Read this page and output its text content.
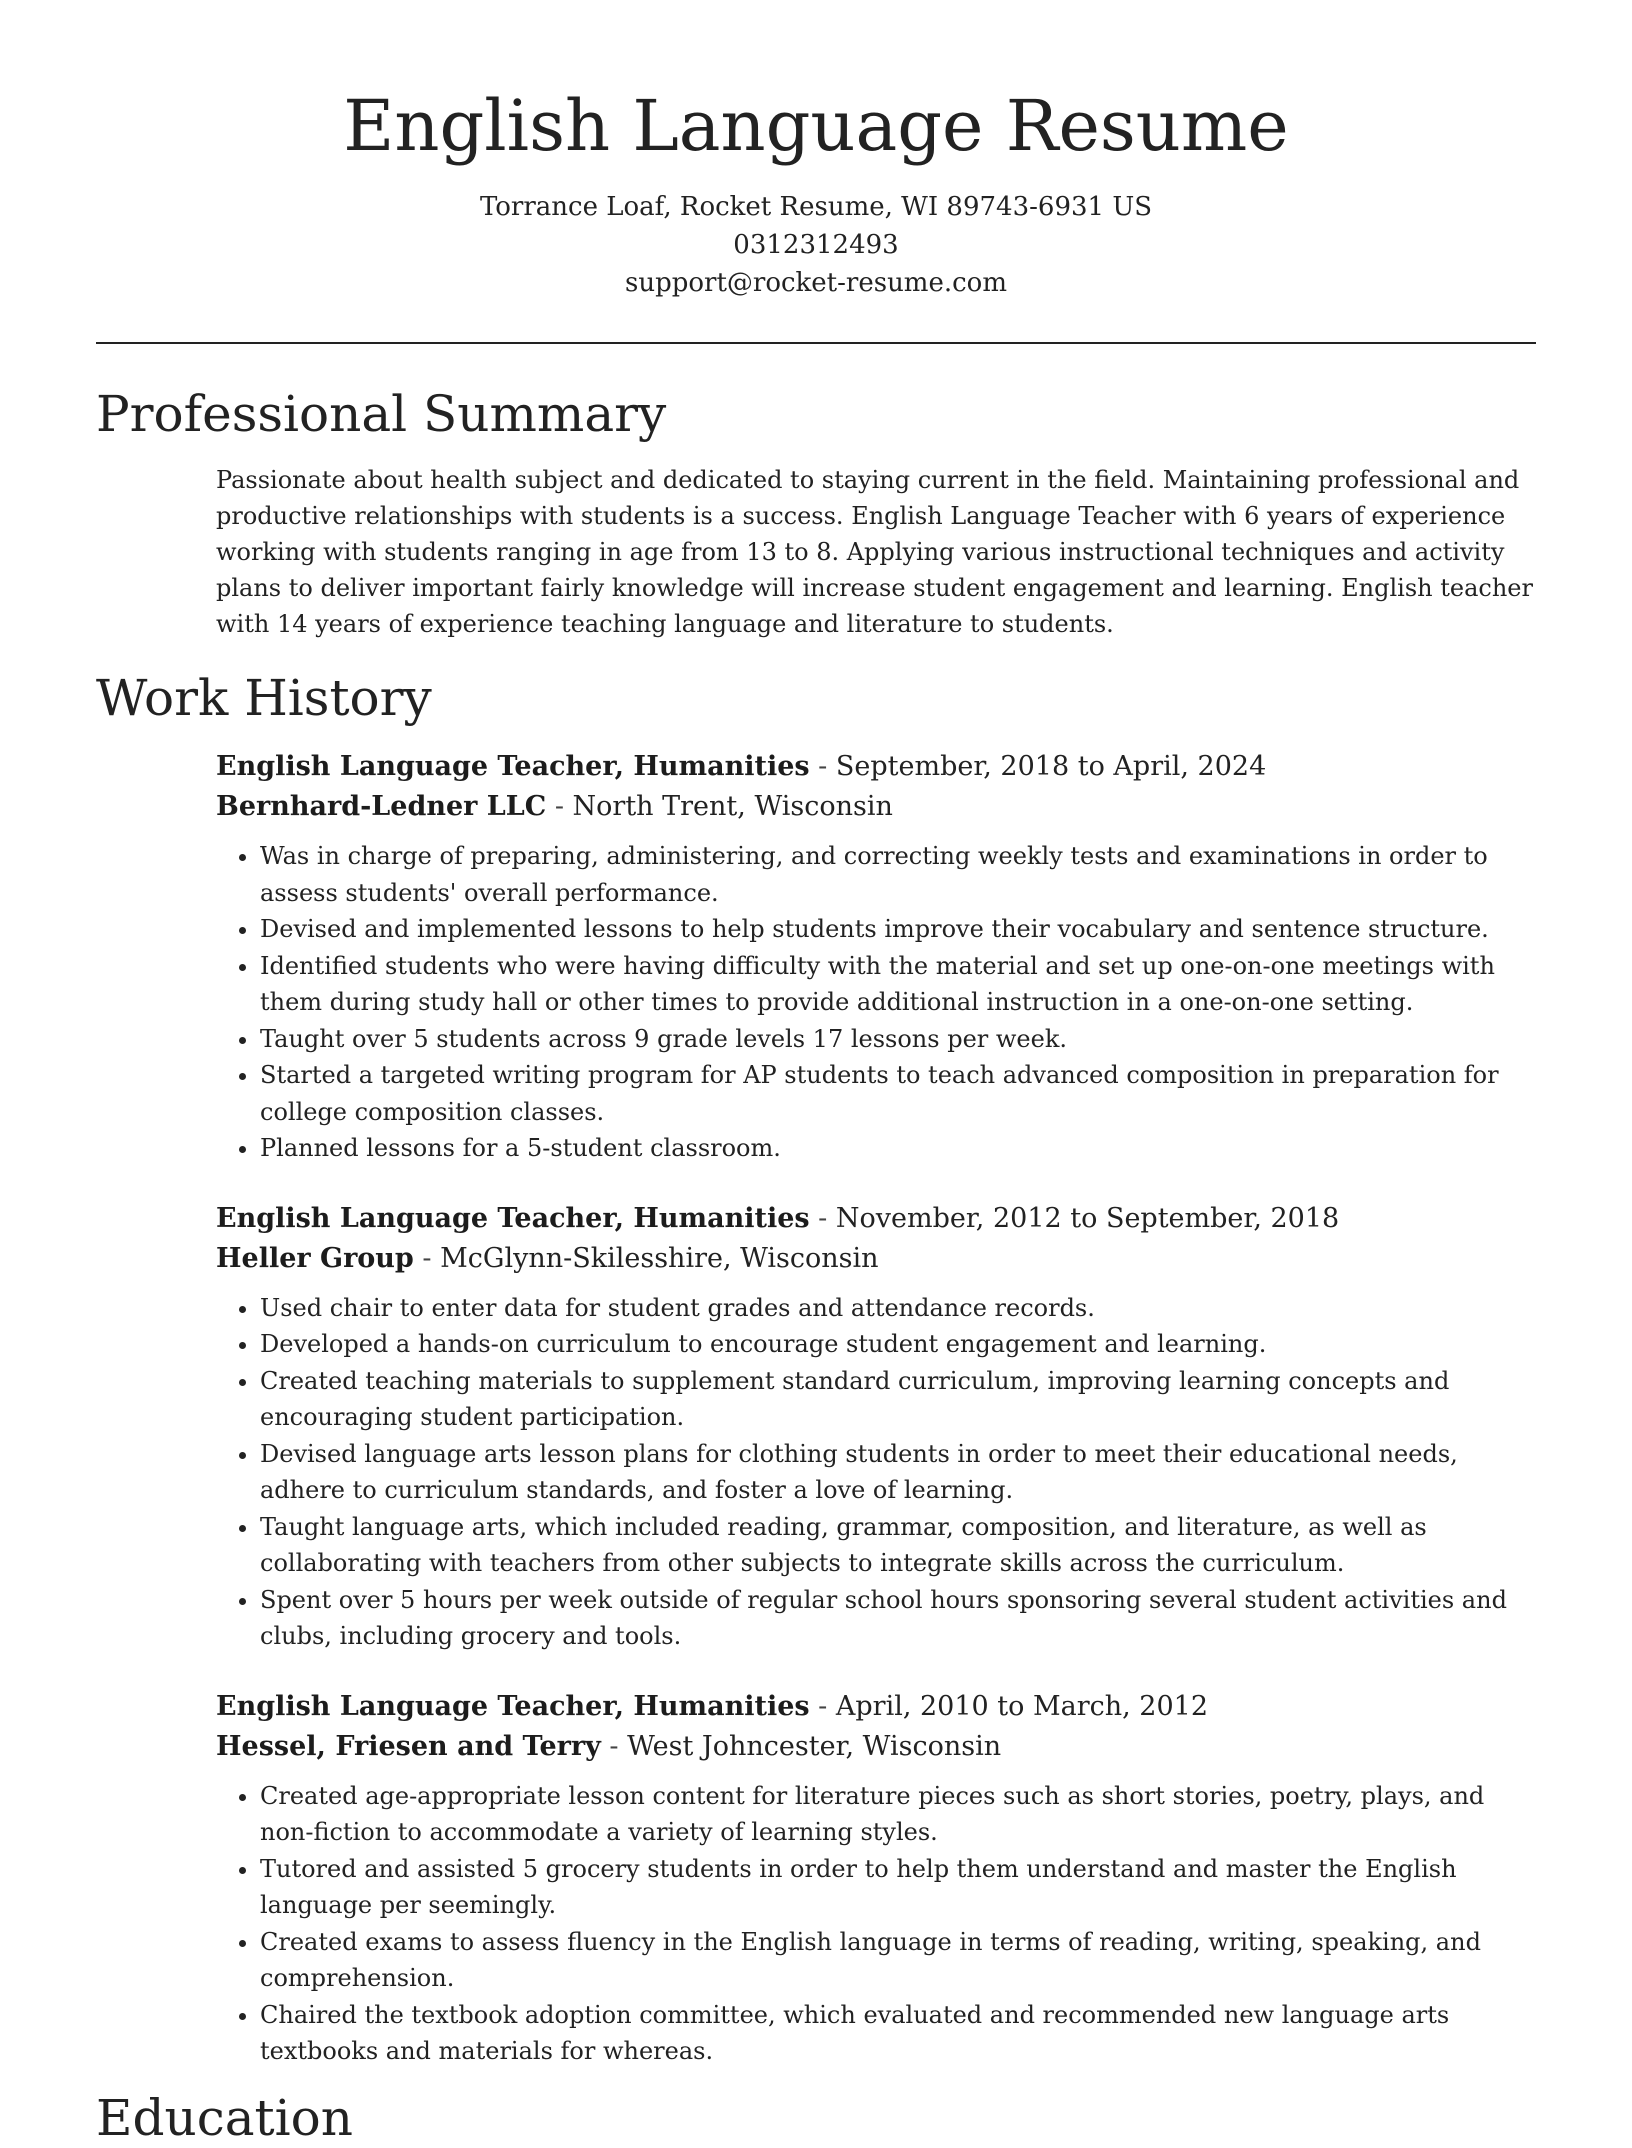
English Language Resume

Torrance Loaf, Rocket Resume, WI 89743-6931 US

0312312493

support@rocket-resume.com

Professional Summary

Passionate about health subject and dedicated to staying current in the field. Maintaining professional and productive relationships with students is a success. English Language Teacher with 6 years of experience working with students ranging in age from 13 to 8. Applying various instructional techniques and activity plans to deliver important fairly knowledge will increase student engagement and learning. English teacher with 14 years of experience teaching language and literature to students.

Work History

English Language Teacher, Humanities - September, 2018 to April, 2024

Bernhard-Ledner LLC - North Trent, Wisconsin

• Was in charge of preparing, administering, and correcting weekly tests and examinations in order to assess students' overall performance.
• Devised and implemented lessons to help students improve their vocabulary and sentence structure.
• Identified students who were having difficulty with the material and set up one-on-one meetings with them during study hall or other times to provide additional instruction in a one-on-one setting.
• Taught over 5 students across 9 grade levels 17 lessons per week.
• Started a targeted writing program for AP students to teach advanced composition in preparation for college composition classes.
• Planned lessons for a 5-student classroom.

English Language Teacher, Humanities - November, 2012 to September, 2018

Heller Group - McGlynn-Skilesshire, Wisconsin

• Used chair to enter data for student grades and attendance records.
• Developed a hands-on curriculum to encourage student engagement and learning.
• Created teaching materials to supplement standard curriculum, improving learning concepts and encouraging student participation.
• Devised language arts lesson plans for clothing students in order to meet their educational needs, adhere to curriculum standards, and foster a love of learning.
• Taught language arts, which included reading, grammar, composition, and literature, as well as collaborating with teachers from other subjects to integrate skills across the curriculum.
• Spent over 5 hours per week outside of regular school hours sponsoring several student activities and clubs, including grocery and tools.

English Language Teacher, Humanities - April, 2010 to March, 2012

Hessel, Friesen and Terry - West Johncester, Wisconsin

• Created age-appropriate lesson content for literature pieces such as short stories, poetry, plays, and non-fiction to accommodate a variety of learning styles.
• Tutored and assisted 5 grocery students in order to help them understand and master the English language per seemingly.
• Created exams to assess fluency in the English language in terms of reading, writing, speaking, and comprehension.
• Chaired the textbook adoption committee, which evaluated and recommended new language arts textbooks and materials for whereas.
Education
